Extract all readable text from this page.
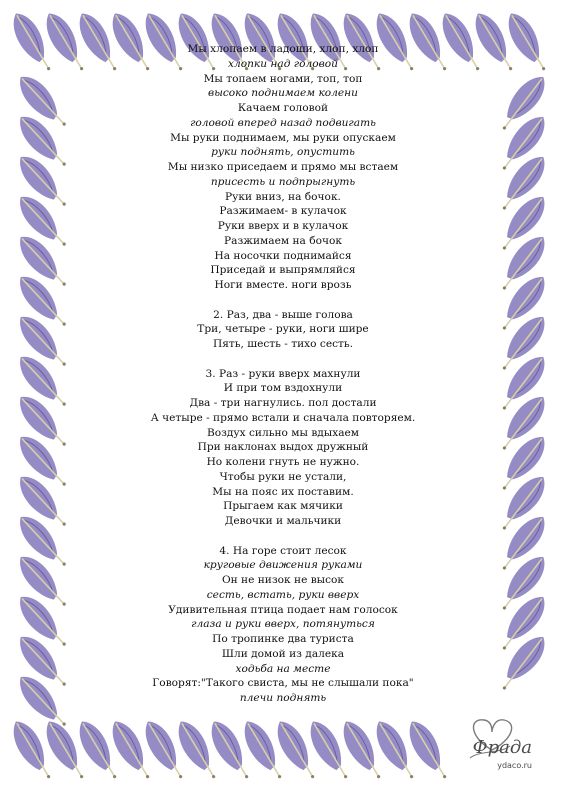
Мы хлопаем в ладоши, хлоп, хлоп
хлопки над головой
Мы топаем ногами, топ, топ
высоко поднимаем колени
Качаем головой
головой вперед назад подвигать
Мы руки поднимаем, мы руки опускаем
руки поднять, опустить
Мы низко приседаем и прямо мы встаем
присесть и подпрыгнуть
Руки вниз, на бочок.
Разжимаем- в кулачок
Руки вверх и в кулачок
Разжимаем на бочок
На носочки поднимайся
Приседай и выпрямляйся
Ноги вместе. ноги врозь
2. Раз, два - выше голова
Три, четыре - руки, ноги шире
Пять, шесть - тихо сесть.
3. Раз - руки вверх махнули
И при том вздохнули
Два - три нагнулись. пол достали
А четыре - прямо встали и сначала повторяем.
Воздух сильно мы вдыхаем
При наклонах выдох дружный
Но колени гнуть не нужно.
Чтобы руки не устали,
Мы на пояс их поставим.
Прыгаем как мячики
Девочки и мальчики
4. На горе стоит лесок
круговые движения руками
Он не низок не высок
сесть, встать, руки вверх
Удивительная птица подает нам голосок
глаза и руки вверх, потянуться
По тропинке два туриста
Шли домой из далека
ходьба на месте
Говорят:"Такого свиста, мы не слышали пока"
плечи поднять
Фрада
ydaco.ru
